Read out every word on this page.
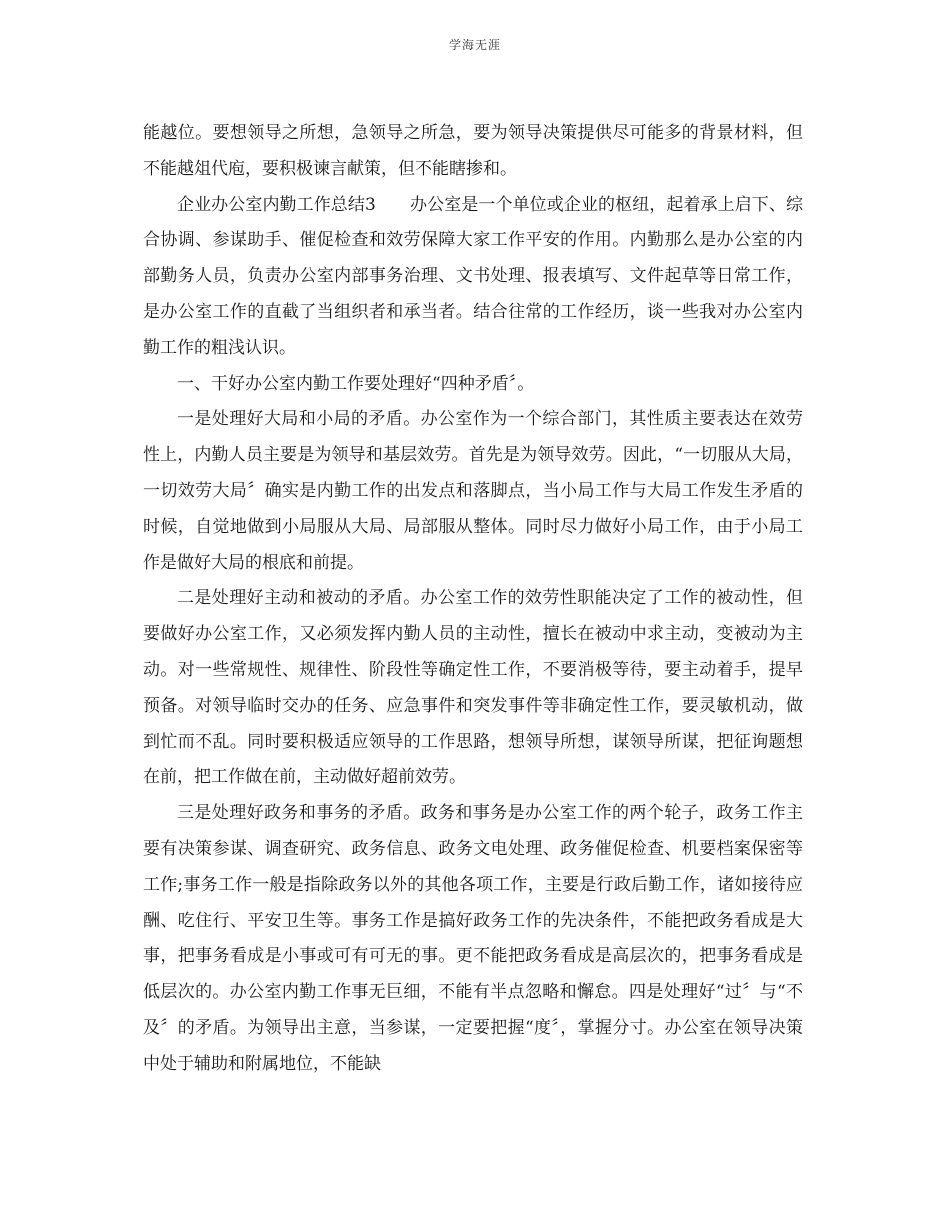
学海无涯

能越位。要想领导之所想，急领导之所急，要为领导决策提供尽可能多的背景材料，但不能越俎代庖，要积极谏言献策，但不能瞎掺和。

企业办公室内勤工作总结3　　办公室是一个单位或企业的枢纽，起着承上启下、综合协调、参谋助手、催促检查和效劳保障大家工作平安的作用。内勤那么是办公室的内部勤务人员，负责办公室内部事务治理、文书处理、报表填写、文件起草等日常工作，是办公室工作的直截了当组织者和承当者。结合往常的工作经历，谈一些我对办公室内勤工作的粗浅认识。

一、干好办公室内勤工作要处理好“四种矛盾〞。

一是处理好大局和小局的矛盾。办公室作为一个综合部门，其性质主要表达在效劳性上，内勤人员主要是为领导和基层效劳。首先是为领导效劳。因此，“一切服从大局，一切效劳大局〞确实是内勤工作的出发点和落脚点，当小局工作与大局工作发生矛盾的时候，自觉地做到小局服从大局、局部服从整体。同时尽力做好小局工作，由于小局工作是做好大局的根底和前提。

二是处理好主动和被动的矛盾。办公室工作的效劳性职能决定了工作的被动性，但要做好办公室工作，又必须发挥内勤人员的主动性，擅长在被动中求主动，变被动为主动。对一些常规性、规律性、阶段性等确定性工作，不要消极等待，要主动着手，提早预备。对领导临时交办的任务、应急事件和突发事件等非确定性工作，要灵敏机动，做到忙而不乱。同时要积极适应领导的工作思路，想领导所想，谋领导所谋，把征询题想在前，把工作做在前，主动做好超前效劳。

三是处理好政务和事务的矛盾。政务和事务是办公室工作的两个轮子，政务工作主要有决策参谋、调查研究、政务信息、政务文电处理、政务催促检查、机要档案保密等工作;事务工作一般是指除政务以外的其他各项工作，主要是行政后勤工作，诸如接待应酬、吃住行、平安卫生等。事务工作是搞好政务工作的先决条件，不能把政务看成是大事，把事务看成是小事或可有可无的事。更不能把政务看成是高层次的，把事务看成是低层次的。办公室内勤工作事无巨细，不能有半点忽略和懈怠。四是处理好“过〞与“不及〞的矛盾。为领导出主意，当参谋，一定要把握“度〞，掌握分寸。办公室在领导决策中处于辅助和附属地位，不能缺
